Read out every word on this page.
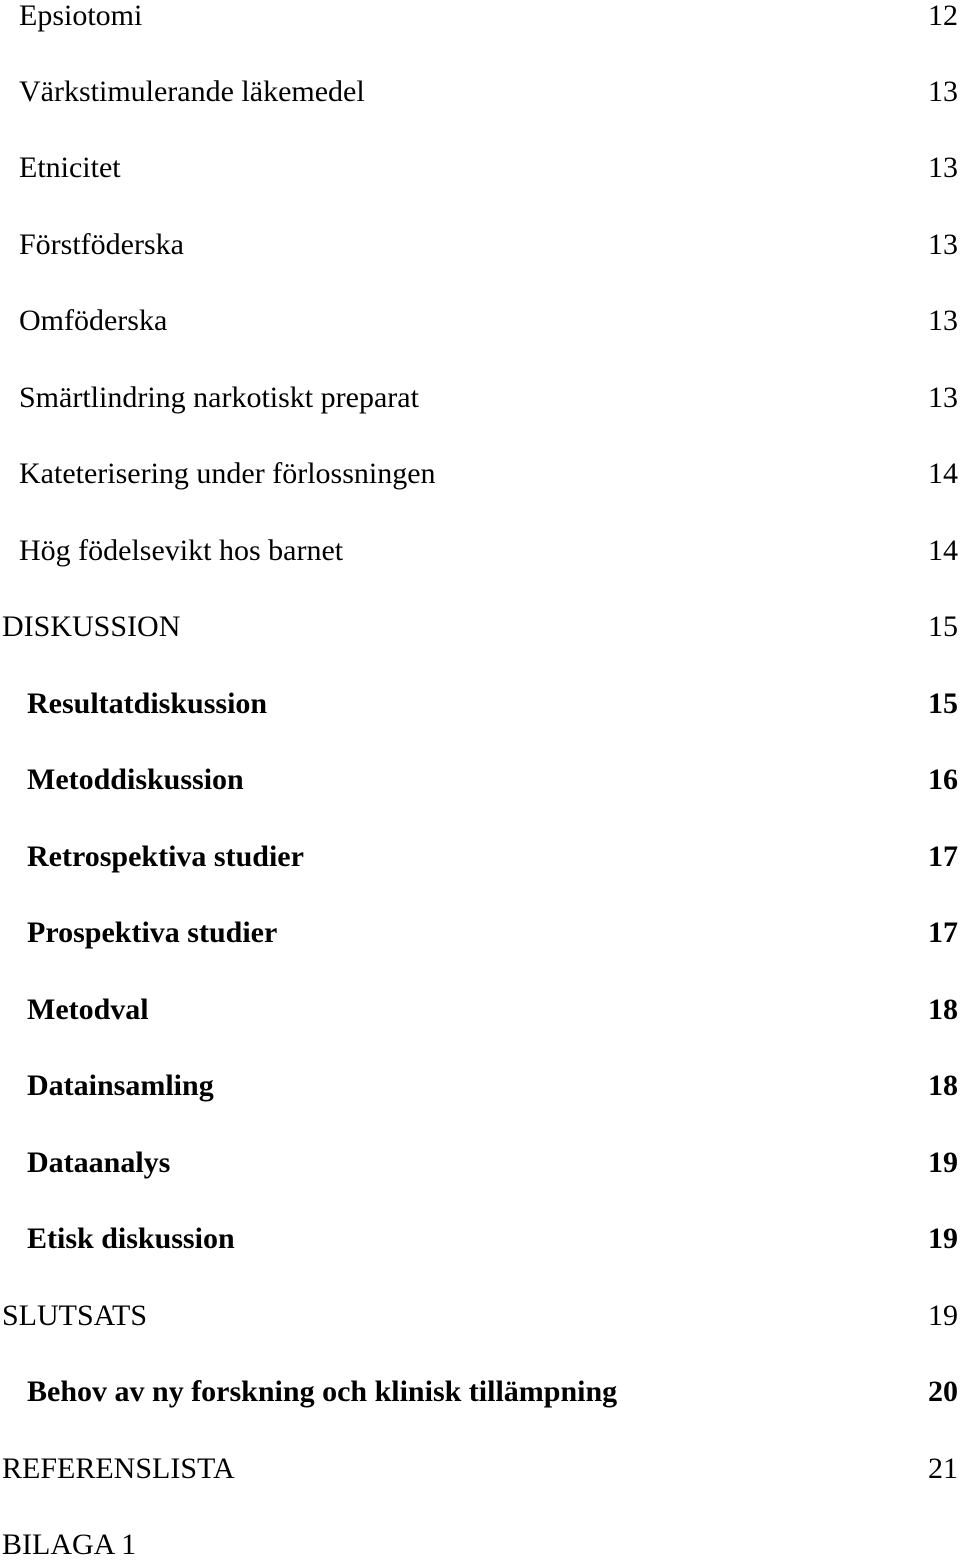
Epsiotomi	12
Värkstimulerande läkemedel	13
Etnicitet	13
Förstföderska	13
Omföderska	13
Smärtlindring narkotiskt preparat	13
Kateterisering under förlossningen	14
Hög födelsevikt hos barnet	14
DISKUSSION	15
Resultatdiskussion	15
Metoddiskussion	16
Retrospektiva studier	17
Prospektiva studier	17
Metodval	18
Datainsamling	18
Dataanalys	19
Etisk diskussion	19
SLUTSATS	19
Behov av ny forskning och klinisk tillämpning	20
REFERENSLISTA	21
BILAGA 1
